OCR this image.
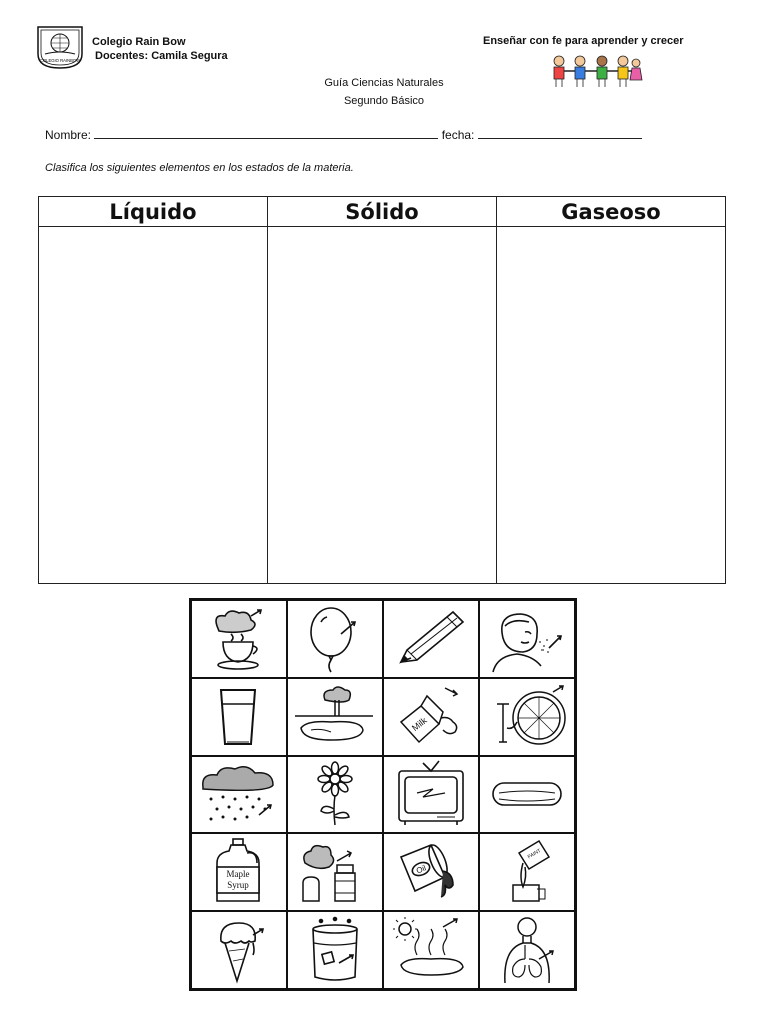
COLEGIO RAINBOW
Colegio Rain Bow
Docentes: Camila Segura
Enseñar con fe para aprender y crecer
Guía Ciencias Naturales
Segundo Básico
Nombre:	fecha:
Clasifica los siguientes elementos en los estados de la materia.
Líquido	Sólido	Gaseoso

Milk
Maple
Syrup
Oil
PAINT
